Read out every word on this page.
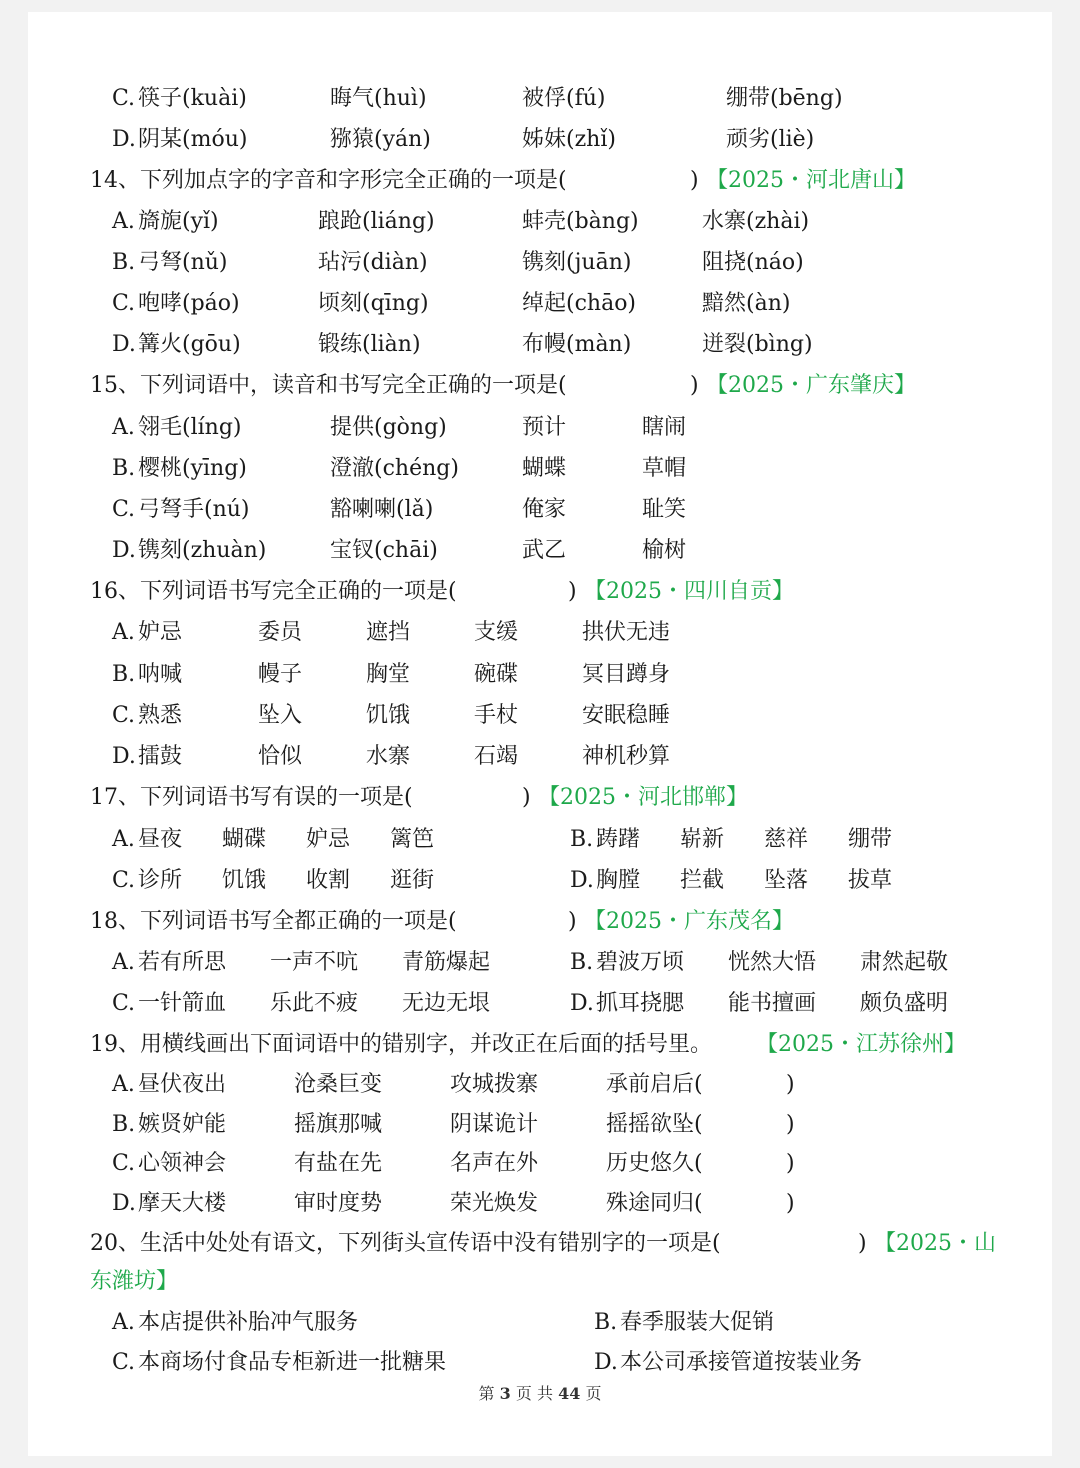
C. 筷子(kuài)	晦气(huì)	被俘(fú)	绷带(bēng)
D. 阴某(móu)	猕猿(yán)	姊妹(zhǐ)	顽劣(liè)
14、下列加点字的字音和字形完全正确的一项是(	) 【2025・河北唐山】
A. 旖旎(yǐ)	踉跄(liáng)	蚌壳(bàng)	水寨(zhài)
B. 弓弩(nǔ)	玷污(diàn)	镌刻(juān)	阻挠(náo)
C. 咆哮(páo)	顷刻(qīng)	绰起(chāo)	黯然(àn)
D. 篝火(gōu)	锻练(liàn)	布幔(màn)	迸裂(bìng)
15、下列词语中，读音和书写完全正确的一项是(	) 【2025・广东肇庆】
A. 翎毛(líng)	提供(gòng)	预计	瞎闹
B. 樱桃(yīng)	澄澈(chéng)	蝴蝶	草帽
C. 弓弩手(nú)	豁喇喇(lǎ)	俺家	耻笑
D. 镌刻(zhuàn)	宝钗(chāi)	武乙	榆树
16、下列词语书写完全正确的一项是(	) 【2025・四川自贡】
A. 妒忌	委员	遮挡	支缓	拱伏无违
B. 呐喊	幔子	胸堂	碗碟	冥目蹲身
C. 熟悉	坠入	饥饿	手杖	安眠稳睡
D. 擂鼓	恰似	水寨	石竭	神机秒算
17、下列词语书写有误的一项是(	) 【2025・河北邯郸】
A. 昼夜 蝴碟 妒忌 篱笆	B. 踌躇 崭新 慈祥 绷带
C. 诊所 饥饿 收割 逛街	D. 胸膛 拦截 坠落 拔草
18、下列词语书写全都正确的一项是(	) 【2025・广东茂名】
A. 若有所思 一声不吭 青筋爆起	B. 碧波万顷 恍然大悟 肃然起敬
C. 一针箭血 乐此不疲 无边无垠	D. 抓耳挠腮 能书擅画 颇负盛明
19、用横线画出下面词语中的错别字，并改正在后面的括号里。 【2025・江苏徐州】
A. 昼伏夜出	沧桑巨变	攻城拨寨	承前启后(	)
B. 嫉贤妒能	摇旗那喊	阴谋诡计	摇摇欲坠(	)
C. 心领神会	有盐在先	名声在外	历史悠久(	)
D. 摩天大楼	审时度势	荣光焕发	殊途同归(	)
20、生活中处处有语文，下列街头宣传语中没有错别字的一项是(	) 【2025・山
东潍坊】
A. 本店提供补胎冲气服务	B. 春季服装大促销
C. 本商场付食品专柜新进一批糖果	D. 本公司承接管道按装业务
第 3 页 共 44 页
